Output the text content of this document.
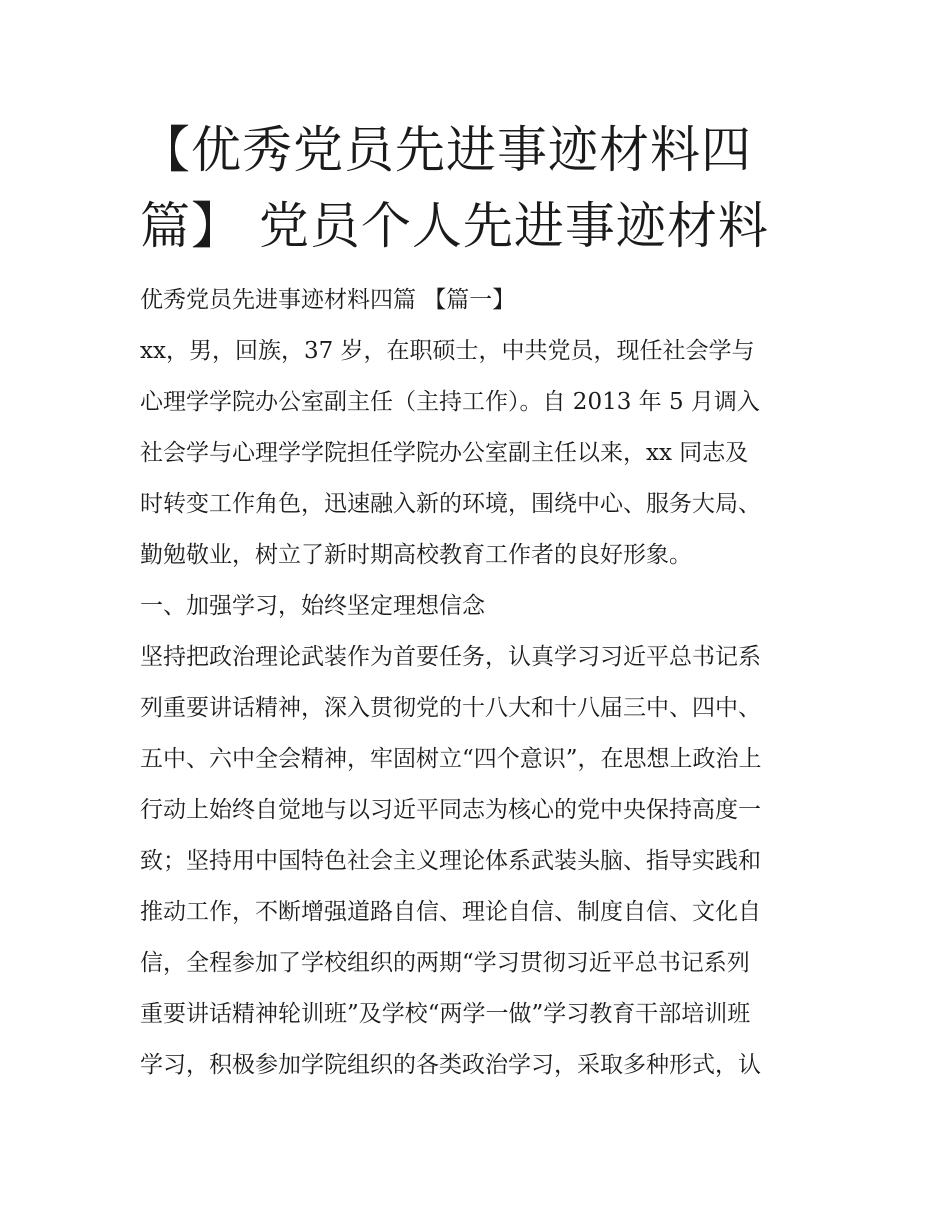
【优秀党员先进事迹材料四
篇】 党员个人先进事迹材料
优秀党员先进事迹材料四篇 【篇一】
xx，男，回族，37 岁，在职硕士，中共党员，现任社会学与
心理学学院办公室副主任（主持工作）。自 2013 年 5 月调入
社会学与心理学学院担任学院办公室副主任以来，xx 同志及
时转变工作角色，迅速融入新的环境，围绕中心、服务大局、
勤勉敬业，树立了新时期高校教育工作者的良好形象。
一、加强学习，始终坚定理想信念
坚持把政治理论武装作为首要任务，认真学习习近平总书记系
列重要讲话精神，深入贯彻党的十八大和十八届三中、四中、
五中、六中全会精神，牢固树立“四个意识”，在思想上政治上
行动上始终自觉地与以习近平同志为核心的党中央保持高度一
致；坚持用中国特色社会主义理论体系武装头脑、指导实践和
推动工作，不断增强道路自信、理论自信、制度自信、文化自
信，全程参加了学校组织的两期“学习贯彻习近平总书记系列
重要讲话精神轮训班”及学校“两学一做”学习教育干部培训班
学习，积极参加学院组织的各类政治学习，采取多种形式，认
